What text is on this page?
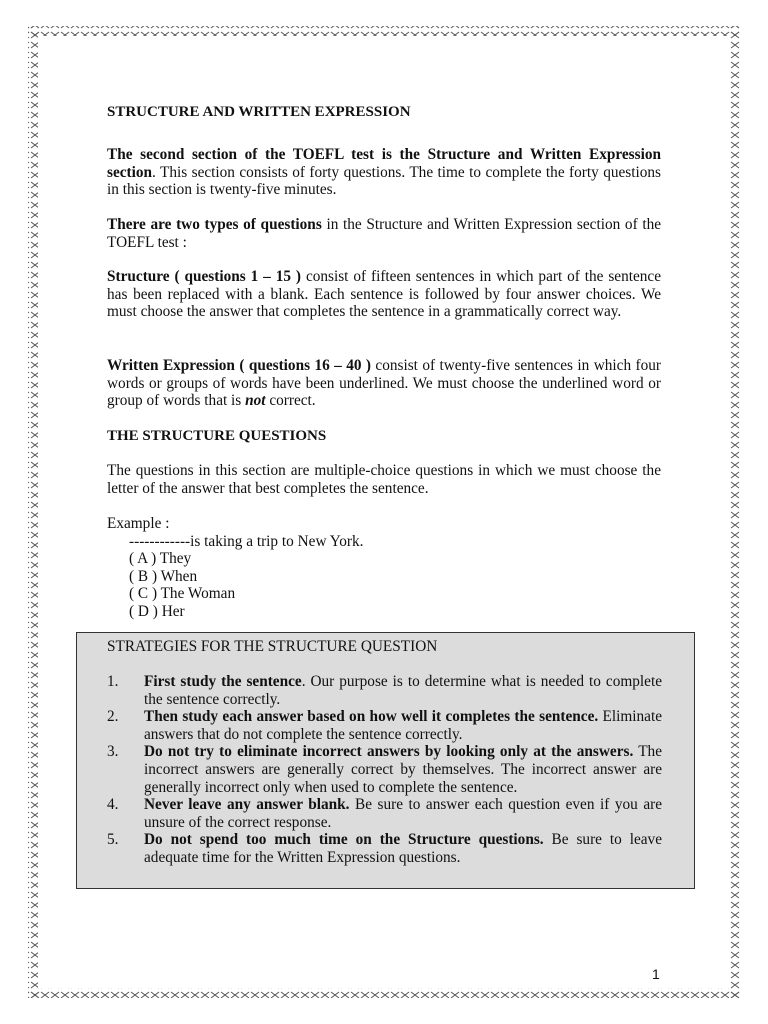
STRUCTURE AND WRITTEN EXPRESSION

The second section of the TOEFL test is the Structure and Written Expression section. This section consists of forty questions. The time to complete the forty questions in this section is twenty-five minutes.

There are two types of questions in the Structure and Written Expression section of the TOEFL test :

Structure ( questions 1 – 15 ) consist of fifteen sentences in which part of the sentence has been replaced with a blank. Each sentence is followed by four answer choices. We must choose the answer that completes the sentence in a grammatically correct way.

Written Expression ( questions 16 – 40 ) consist of twenty-five sentences in which four words or groups of words have been underlined. We must choose the underlined word or group of words that is not correct.

THE STRUCTURE QUESTIONS

The questions in this section are multiple-choice questions in which we must choose the letter of the answer that best completes the sentence.

Example :
------------is taking a trip to New York.
( A ) They
( B ) When
( C ) The Woman
( D ) Her
STRATEGIES FOR THE STRUCTURE QUESTION
1. First study the sentence. Our purpose is to determine what is needed to complete the sentence correctly.
2. Then study each answer based on how well it completes the sentence. Eliminate answers that do not complete the sentence correctly.
3. Do not try to eliminate incorrect answers by looking only at the answers. The incorrect answers are generally correct by themselves. The incorrect answer are generally incorrect only when used to complete the sentence.
4. Never leave any answer blank. Be sure to answer each question even if you are unsure of the correct response.
5. Do not spend too much time on the Structure questions. Be sure to leave adequate time for the Written Expression questions.
1
